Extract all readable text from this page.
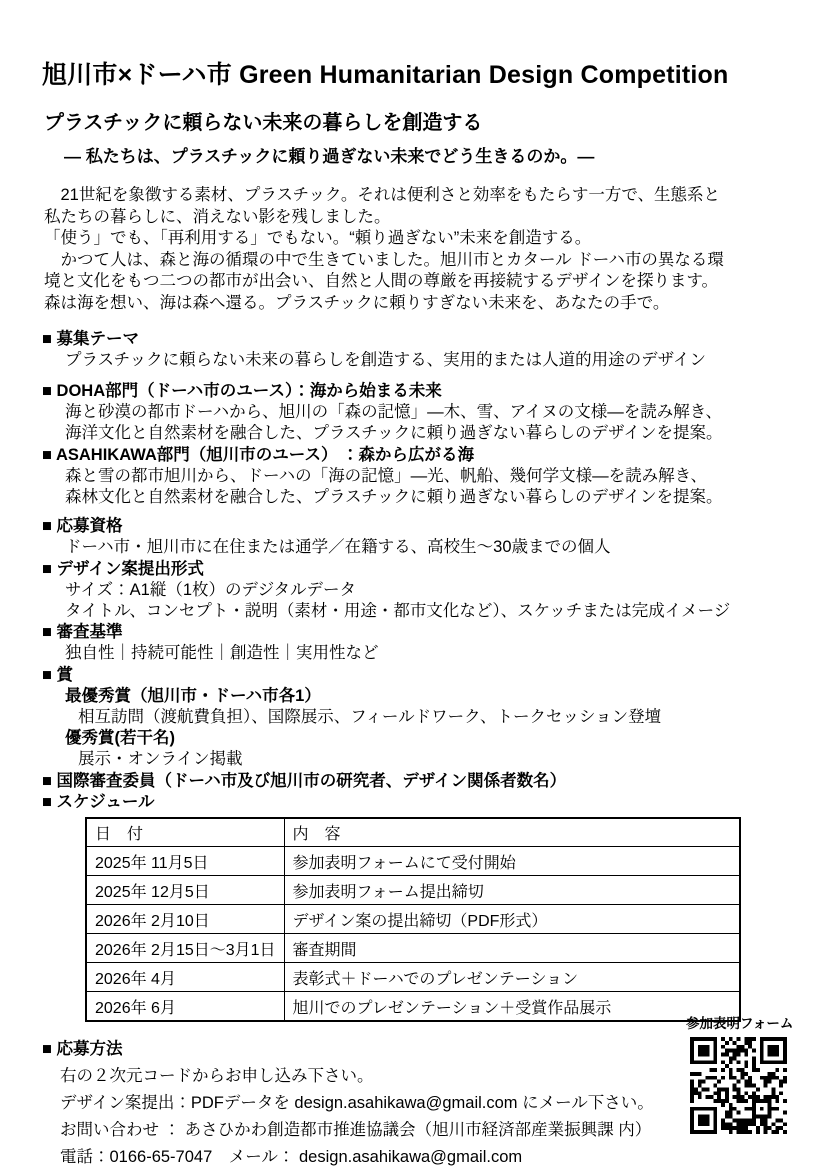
旭川市×ドーハ市 Green Humanitarian Design Competition
プラスチックに頼らない未来の暮らしを創造する
― 私たちは、プラスチックに頼り過ぎない未来でどう生きるのか。―
　21世紀を象徴する素材、プラスチック。それは便利さと効率をもたらす一方で、生態系と
私たちの暮らしに、消えない影を残しました。
「使う」でも、「再利用する」でもない。“頼り過ぎない”未来を創造する。
　かつて人は、森と海の循環の中で生きていました。旭川市とカタール ドーハ市の異なる環
境と文化をもつ二つの都市が出会い、自然と人間の尊厳を再接続するデザインを探ります。
森は海を想い、海は森へ還る。プラスチックに頼りすぎない未来を、あなたの手で。
■ 募集テーマ
プラスチックに頼らない未来の暮らしを創造する、実用的または人道的用途のデザイン
■ DOHA部門（ドーハ市のユース）：海から始まる未来
海と砂漠の都市ドーハから、旭川の「森の記憶」―木、雪、アイヌの文様―を読み解き、
海洋文化と自然素材を融合した、プラスチックに頼り過ぎない暮らしのデザインを提案。
■ ASAHIKAWA部門（旭川市のユース） ：森から広がる海
森と雪の都市旭川から、ドーハの「海の記憶」―光、帆船、幾何学文様―を読み解き、
森林文化と自然素材を融合した、プラスチックに頼り過ぎない暮らしのデザインを提案。
■ 応募資格
ドーハ市・旭川市に在住または通学／在籍する、高校生～30歳までの個人
■ デザイン案提出形式
サイズ：A1縦（1枚）のデジタルデータ
タイトル、コンセプト・説明（素材・用途・都市文化など）、スケッチまたは完成イメージ
■ 審査基準
独自性｜持続可能性｜創造性｜実用性など
■ 賞
最優秀賞（旭川市・ドーハ市各1）
相互訪問（渡航費負担）、国際展示、フィールドワーク、トークセッション登壇
優秀賞(若干名)
展示・オンライン掲載
■ 国際審査委員（ドーハ市及び旭川市の研究者、デザイン関係者数名）
■ スケジュール
日　付	内　容
2025年 11月5日	参加表明フォームにて受付開始
2025年 12月5日	参加表明フォーム提出締切
2026年 2月10日	デザイン案の提出締切（PDF形式）
2026年 2月15日～3月1日	審査期間
2026年 4月	表彰式＋ドーハでのプレゼンテーション
2026年 6月	旭川でのプレゼンテーション＋受賞作品展示
■ 応募方法
右の２次元コードからお申し込み下さい。
デザイン案提出：PDFデータを design.asahikawa@gmail.com にメール下さい。
お問い合わせ ： あさひかわ創造都市推進協議会（旭川市経済部産業振興課 内）
電話：0166-65-7047　メール： design.asahikawa@gmail.com
参加表明フォーム
